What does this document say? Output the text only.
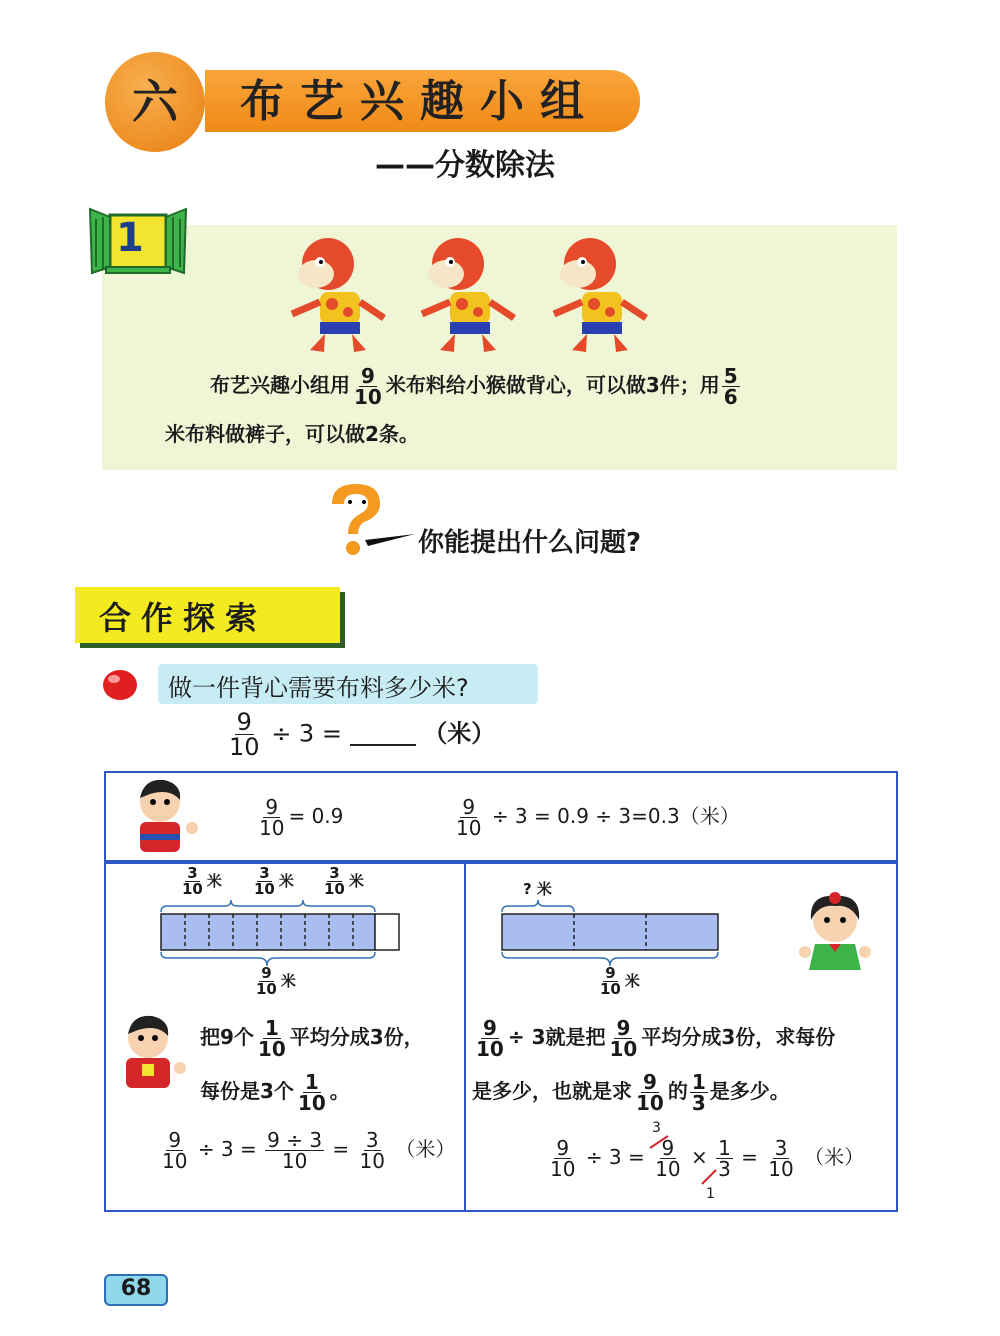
六	布艺兴趣小组
——分数除法
1
布艺兴趣小组用 $\frac{9}{10}$ 米布料给小猴做背心，可以做3件；用 $\frac{5}{6}$
米布料做裤子，可以做2条。
你能提出什么问题?
合作探索
做一件背心需要布料多少米?
$\frac{9}{10} \div 3$ =	（米）
$\frac{9}{10} = 0.9$	$\frac{9}{10} \div 3 = 0.9 \div 3=0.3$（米）
$\frac{3}{10}$ 米 $\frac{3}{10}$ 米 $\frac{3}{10}$ 米
$\frac{9}{10}$ 米
把9个 $\frac{1}{10}$ 平均分成3份，
每份是3个 $\frac{1}{10}$ 。
$\frac{9}{10} \div 3 = \frac{9 \div 3}{10} = \frac{3}{10}$ （米）
? 米
$\frac{9}{10}$ 米
$\frac{9}{10} \div 3$就是把 $\frac{9}{10}$ 平均分成3份，求每份
是多少，也就是求 $\frac{9}{10}$ 的 $\frac{1}{3}$ 是多少。
$\frac{9}{10} \div 3 = \frac{9}{10} \times \frac{1}{3} = \frac{3}{10}$ （米）
3
1
68
